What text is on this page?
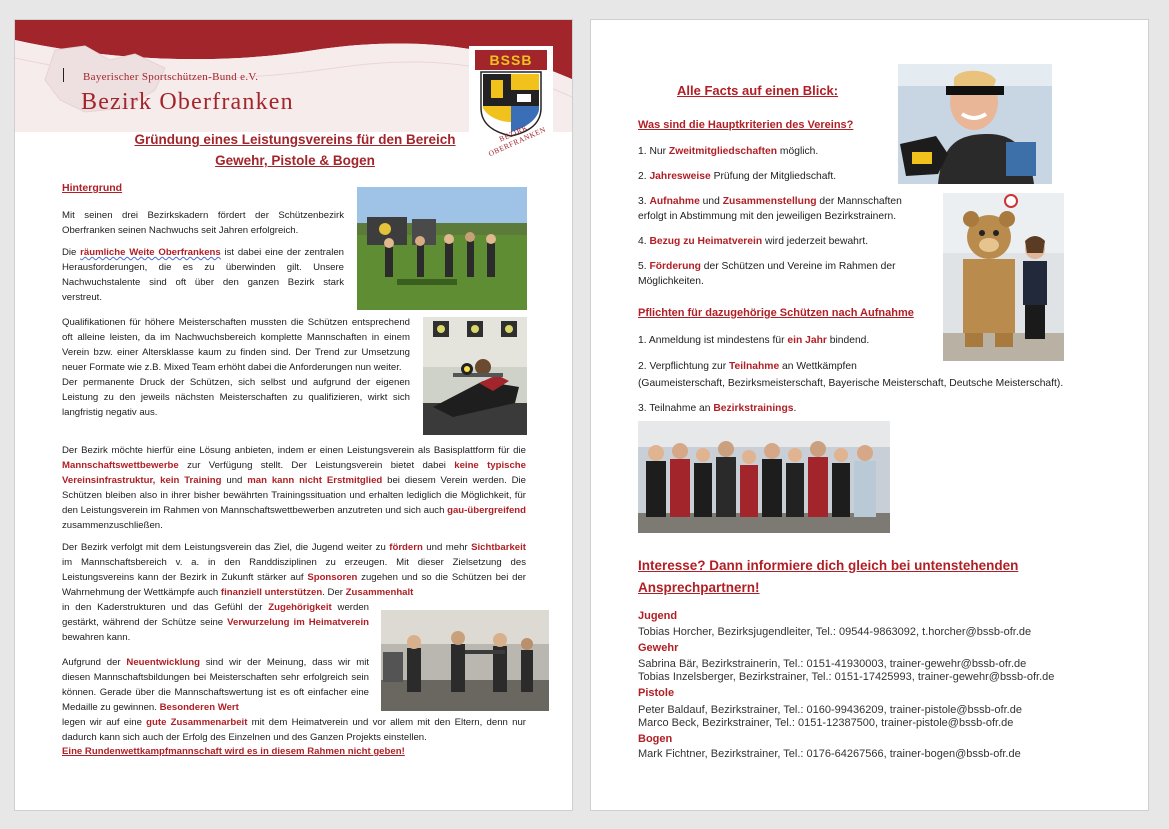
Bayerischer Sportschützen-Bund e.V.
Bezirk Oberfranken
BSSB
BEZIRK OBERFRANKEN
Gründung eines Leistungsvereins für den Bereich
Gewehr, Pistole & Bogen
Hintergrund
Mit seinen drei Bezirkskadern fördert der Schützenbezirk Oberfranken seinen Nachwuchs seit Jahren erfolgreich.
Die räumliche Weite Oberfrankens ist dabei eine der zentralen Herausforderungen, die es zu überwinden gilt. Unsere Nachwuchstalente sind oft über den ganzen Bezirk stark verstreut.
Qualifikationen für höhere Meisterschaften mussten die Schützen entsprechend oft alleine leisten, da im Nachwuchsbereich komplette Mannschaften in einem Verein bzw. einer Altersklasse kaum zu finden sind. Der Trend zur Umsetzung neuer Formate wie z.B. Mixed Team erhöht dabei die Anforderungen nun weiter.
Der permanente Druck der Schützen, sich selbst und aufgrund der eigenen Leistung zu den jeweils nächsten Meisterschaften zu qualifizieren, wirkt sich langfristig negativ aus.
Der Bezirk möchte hierfür eine Lösung anbieten, indem er einen Leistungsverein als Basisplattform für die Mannschaftswettbewerbe zur Verfügung stellt. Der Leistungsverein bietet dabei keine typische Vereinsinfrastruktur, kein Training und man kann nicht Erstmitglied bei diesem Verein werden. Die Schützen bleiben also in ihrer bisher bewährten Trainingssituation und erhalten lediglich die Möglichkeit, für den Leistungsverein im Rahmen von Mannschaftswettbewerben anzutreten und sich auch gau-übergreifend zusammenzuschließen.
Der Bezirk verfolgt mit dem Leistungsverein das Ziel, die Jugend weiter zu fördern und mehr Sichtbarkeit im Mannschaftsbereich v. a. in den Randdisziplinen zu erzeugen. Mit dieser Zielsetzung des Leistungsvereins kann der Bezirk in Zukunft stärker auf Sponsoren zugehen und so die Schützen bei der Wahrnehmung der Wettkämpfe auch finanziell unterstützen. Der Zusammenhalt
in den Kaderstrukturen und das Gefühl der Zugehörigkeit werden gestärkt, während der Schütze seine Verwurzelung im Heimatverein bewahren kann.
Aufgrund der Neuentwicklung sind wir der Meinung, dass wir mit diesen Mannschaftsbildungen bei Meisterschaften sehr erfolgreich sein können. Gerade über die Mannschaftswertung ist es oft einfacher eine Medaille zu gewinnen. Besonderen Wert
legen wir auf eine gute Zusammenarbeit mit dem Heimatverein und vor allem mit den Eltern, denn nur dadurch kann sich auch der Erfolg des Einzelnen und des Ganzen Projekts einstellen.
Eine Rundenwettkampfmannschaft wird es in diesem Rahmen nicht geben!
Alle Facts auf einen Blick:
Was sind die Hauptkriterien des Vereins?
1. Nur Zweitmitgliedschaften möglich.
2. Jahresweise Prüfung der Mitgliedschaft.
3. Aufnahme und Zusammenstellung der Mannschaften erfolgt in Abstimmung mit den jeweiligen Bezirkstrainern.
4. Bezug zu Heimatverein wird jederzeit bewahrt.
5. Förderung der Schützen und Vereine im Rahmen der Möglichkeiten.
Pflichten für dazugehörige Schützen nach Aufnahme
1. Anmeldung ist mindestens für ein Jahr bindend.
2. Verpflichtung zur Teilnahme an Wettkämpfen
(Gaumeisterschaft, Bezirksmeisterschaft, Bayerische Meisterschaft, Deutsche Meisterschaft).
3. Teilnahme an Bezirkstrainings.
Interesse? Dann informiere dich gleich bei untenstehenden Ansprechpartnern!
Jugend
Tobias Horcher, Bezirksjugendleiter, Tel.: 09544-9863092, t.horcher@bssb-ofr.de
Gewehr
Sabrina Bär, Bezirkstrainerin, Tel.: 0151-41930003, trainer-gewehr@bssb-ofr.de
Tobias Inzelsberger, Bezirkstrainer, Tel.: 0151-17425993, trainer-gewehr@bssb-ofr.de
Pistole
Peter Baldauf, Bezirkstrainer, Tel.: 0160-99436209, trainer-pistole@bssb-ofr.de
Marco Beck, Bezirkstrainer, Tel.: 0151-12387500, trainer-pistole@bssb-ofr.de
Bogen
Mark Fichtner, Bezirkstrainer, Tel.: 0176-64267566, trainer-bogen@bssb-ofr.de
